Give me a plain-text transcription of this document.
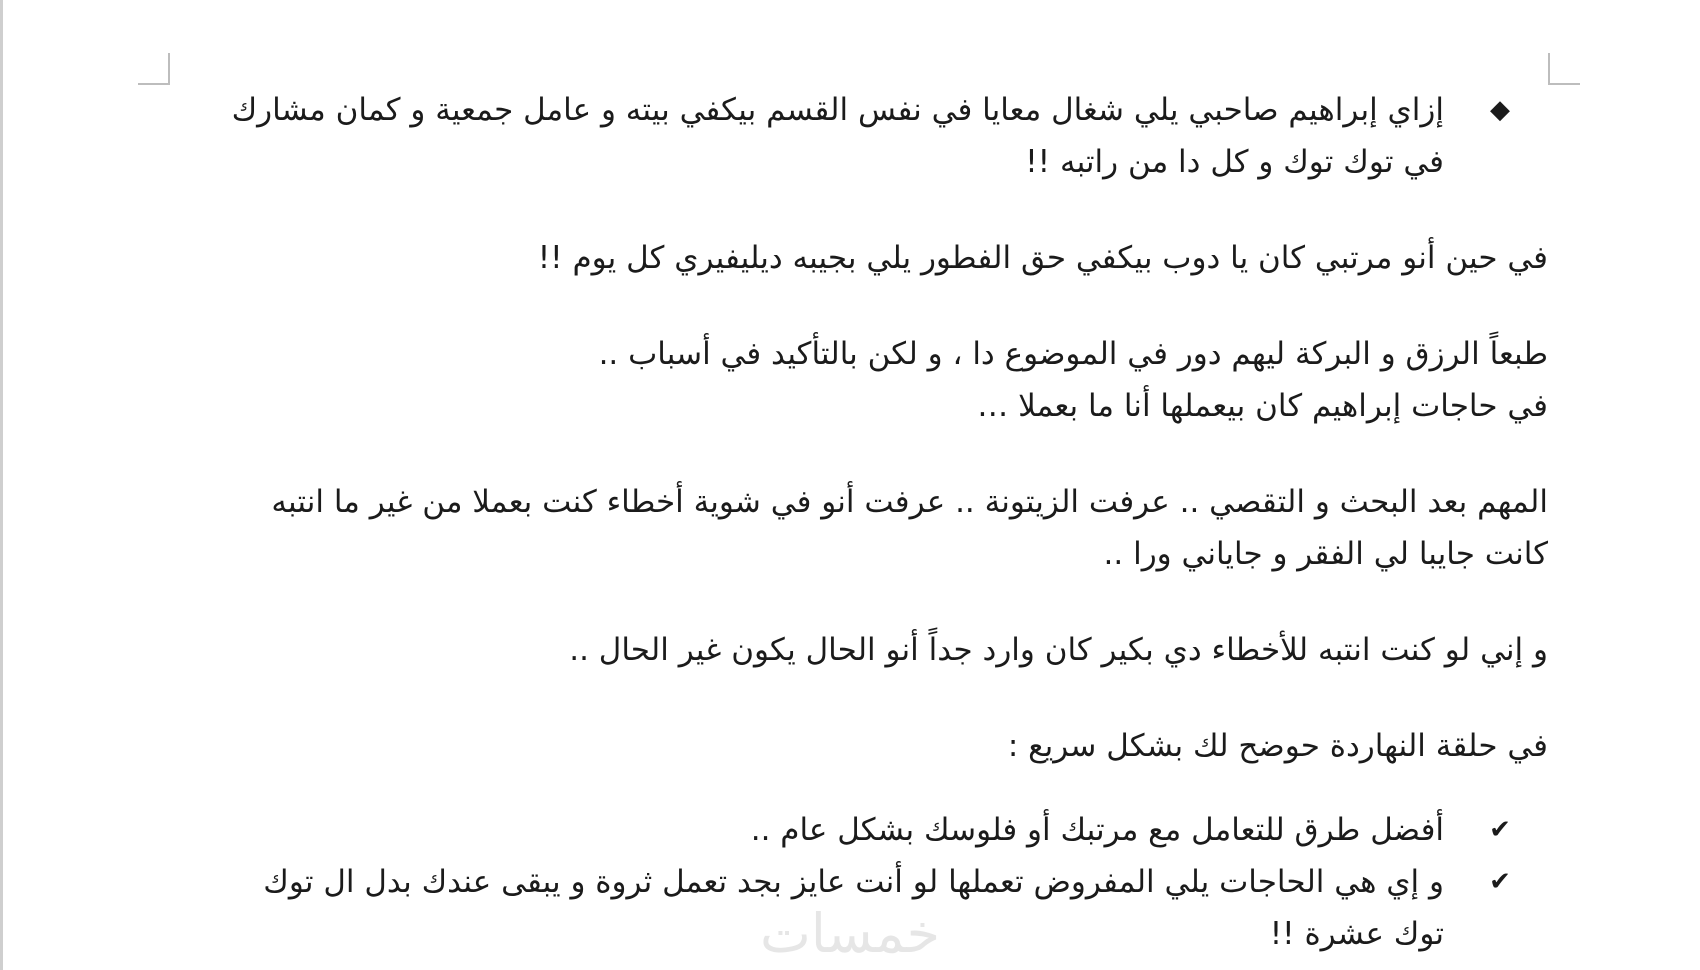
◆
إزاي إبراهيم صاحبي يلي شغال معايا في نفس القسم بيكفي بيته و عامل جمعية و كمان مشارك
في توك توك و كل دا من راتبه !!

في حين أنو مرتبي كان يا دوب بيكفي حق الفطور يلي بجيبه ديليفيري كل يوم !!

طبعاً الرزق و البركة ليهم دور في الموضوع دا ، و لكن بالتأكيد في أسباب ..
في حاجات إبراهيم كان بيعملها أنا ما بعملا …

المهم بعد البحث و التقصي .. عرفت الزيتونة .. عرفت أنو في شوية أخطاء كنت بعملا من غير ما انتبه
كانت جايبا لي الفقر و جاياني ورا ..

و إني لو كنت انتبه للأخطاء دي بكير كان وارد جداً أنو الحال يكون غير الحال ..

في حلقة النهاردة حوضح لك بشكل سريع :

✔
أفضل طرق للتعامل مع مرتبك أو فلوسك بشكل عام ..
✔
و إي هي الحاجات يلي المفروض تعملها لو أنت عايز بجد تعمل ثروة و يبقى عندك بدل ال توك
توك عشرة !!
خمسات
